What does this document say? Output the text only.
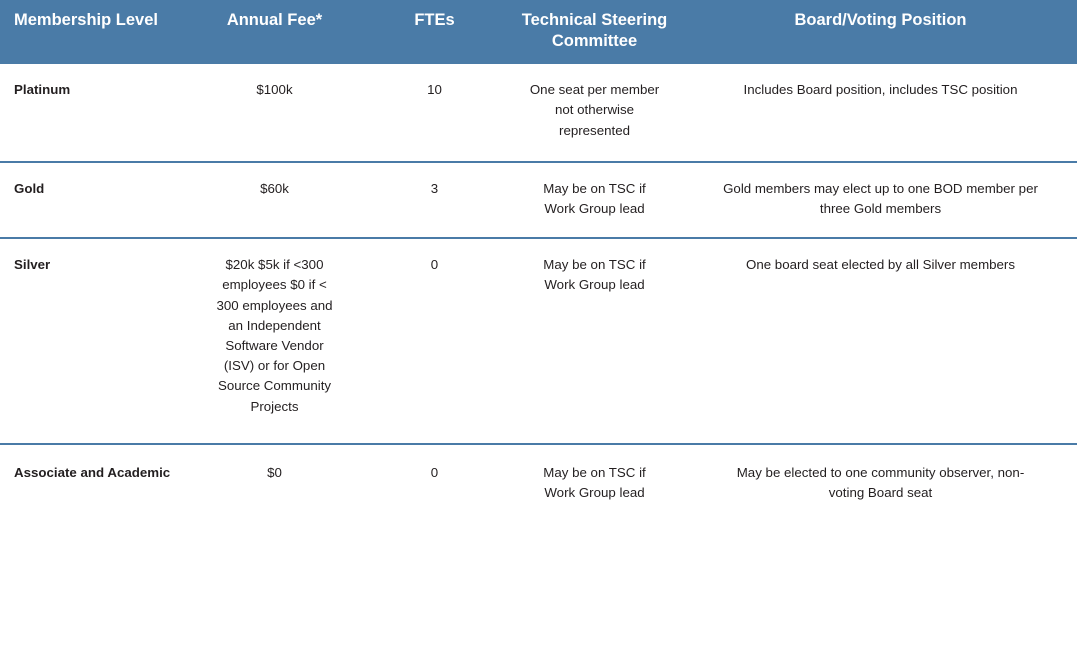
Membership Level	Annual Fee*	FTEs	Technical Steering Committee	Board/Voting Position
Platinum	$100k	10	One seat per member not otherwise represented	Includes Board position, includes TSC position
Gold	$60k	3	May be on TSC if Work Group lead	Gold members may elect up to one BOD member per three Gold members
Silver	$20k $5k if <300 employees $0 if < 300 employees and an Independent Software Vendor (ISV) or for Open Source Community Projects	0	May be on TSC if Work Group lead	One board seat elected by all Silver members
Associate and Academic	$0	0	May be on TSC if Work Group lead	May be elected to one community observer, non-voting Board seat
